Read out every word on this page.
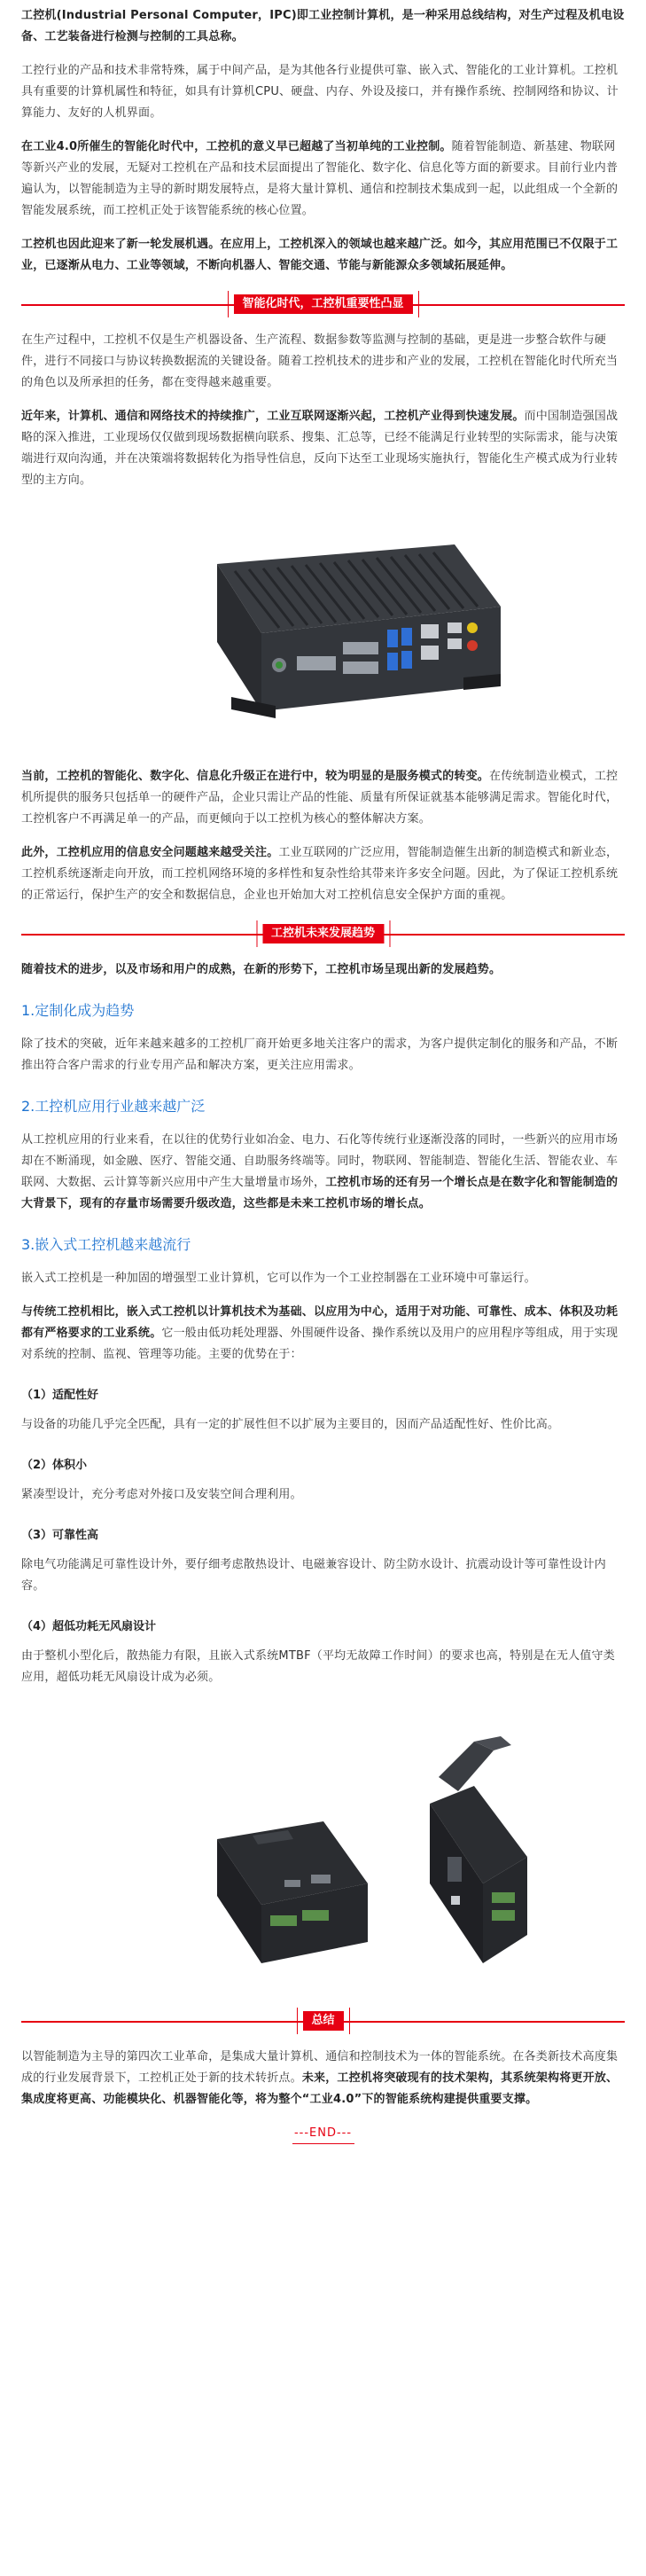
工控机(Industrial Personal Computer，IPC)即工业控制计算机，是一种采用总线结构，对生产过程及机电设备、工艺装备进行检测与控制的工具总称。

工控行业的产品和技术非常特殊，属于中间产品，是为其他各行业提供可靠、嵌入式、智能化的工业计算机。工控机具有重要的计算机属性和特征，如具有计算机CPU、硬盘、内存、外设及接口，并有操作系统、控制网络和协议、计算能力、友好的人机界面。

在工业4.0所催生的智能化时代中，工控机的意义早已超越了当初单纯的工业控制。随着智能制造、新基建、物联网等新兴产业的发展，无疑对工控机在产品和技术层面提出了智能化、数字化、信息化等方面的新要求。目前行业内普遍认为，以智能制造为主导的新时期发展特点，是将大量计算机、通信和控制技术集成到一起，以此组成一个全新的智能发展系统，而工控机正处于该智能系统的核心位置。

工控机也因此迎来了新一轮发展机遇。在应用上，工控机深入的领域也越来越广泛。如今，其应用范围已不仅限于工业，已逐渐从电力、工业等领域，不断向机器人、智能交通、节能与新能源众多领域拓展延伸。

智能化时代，工控机重要性凸显

在生产过程中，工控机不仅是生产机器设备、生产流程、数据参数等监测与控制的基础，更是进一步整合软件与硬件，进行不同接口与协议转换数据流的关键设备。随着工控机技术的进步和产业的发展，工控机在智能化时代所充当的角色以及所承担的任务，都在变得越来越重要。

近年来，计算机、通信和网络技术的持续推广，工业互联网逐渐兴起，工控机产业得到快速发展。而中国制造强国战略的深入推进，工业现场仅仅做到现场数据横向联系、搜集、汇总等，已经不能满足行业转型的实际需求，能与决策端进行双向沟通，并在决策端将数据转化为指导性信息，反向下达至工业现场实施执行，智能化生产模式成为行业转型的主方向。

当前，工控机的智能化、数字化、信息化升级正在进行中，较为明显的是服务模式的转变。在传统制造业模式，工控机所提供的服务只包括单一的硬件产品，企业只需让产品的性能、质量有所保证就基本能够满足需求。智能化时代，工控机客户不再满足单一的产品，而更倾向于以工控机为核心的整体解决方案。

此外，工控机应用的信息安全问题越来越受关注。工业互联网的广泛应用，智能制造催生出新的制造模式和新业态，工控机系统逐渐走向开放，而工控机网络环境的多样性和复杂性给其带来许多安全问题。因此，为了保证工控机系统的正常运行，保护生产的安全和数据信息，企业也开始加大对工控机信息安全保护方面的重视。

工控机未来发展趋势

随着技术的进步，以及市场和用户的成熟，在新的形势下，工控机市场呈现出新的发展趋势。

1.定制化成为趋势

除了技术的突破，近年来越来越多的工控机厂商开始更多地关注客户的需求，为客户提供定制化的服务和产品，不断推出符合客户需求的行业专用产品和解决方案，更关注应用需求。

2.工控机应用行业越来越广泛

从工控机应用的行业来看，在以往的优势行业如冶金、电力、石化等传统行业逐渐没落的同时，一些新兴的应用市场却在不断涌现，如金融、医疗、智能交通、自助服务终端等。同时，物联网、智能制造、智能化生活、智能农业、车联网、大数据、云计算等新兴应用中产生大量增量市场外，工控机市场的还有另一个增长点是在数字化和智能制造的大背景下，现有的存量市场需要升级改造，这些都是未来工控机市场的增长点。

3.嵌入式工控机越来越流行

嵌入式工控机是一种加固的增强型工业计算机，它可以作为一个工业控制器在工业环境中可靠运行。

与传统工控机相比，嵌入式工控机以计算机技术为基础、以应用为中心，适用于对功能、可靠性、成本、体积及功耗都有严格要求的工业系统。它一般由低功耗处理器、外围硬件设备、操作系统以及用户的应用程序等组成，用于实现对系统的控制、监视、管理等功能。主要的优势在于：

（1）适配性好

与设备的功能几乎完全匹配，具有一定的扩展性但不以扩展为主要目的，因而产品适配性好、性价比高。

（2）体积小

紧凑型设计，充分考虑对外接口及安装空间合理利用。

（3）可靠性高

除电气功能满足可靠性设计外，要仔细考虑散热设计、电磁兼容设计、防尘防水设计、抗震动设计等可靠性设计内容。

（4）超低功耗无风扇设计

由于整机小型化后，散热能力有限，且嵌入式系统MTBF（平均无故障工作时间）的要求也高，特别是在无人值守类应用，超低功耗无风扇设计成为必须。

总结

以智能制造为主导的第四次工业革命，是集成大量计算机、通信和控制技术为一体的智能系统。在各类新技术高度集成的行业发展背景下，工控机正处于新的技术转折点。未来，工控机将突破现有的技术架构，其系统架构将更开放、集成度将更高、功能模块化、机器智能化等，将为整个“工业4.0”下的智能系统构建提供重要支撑。

---END---
